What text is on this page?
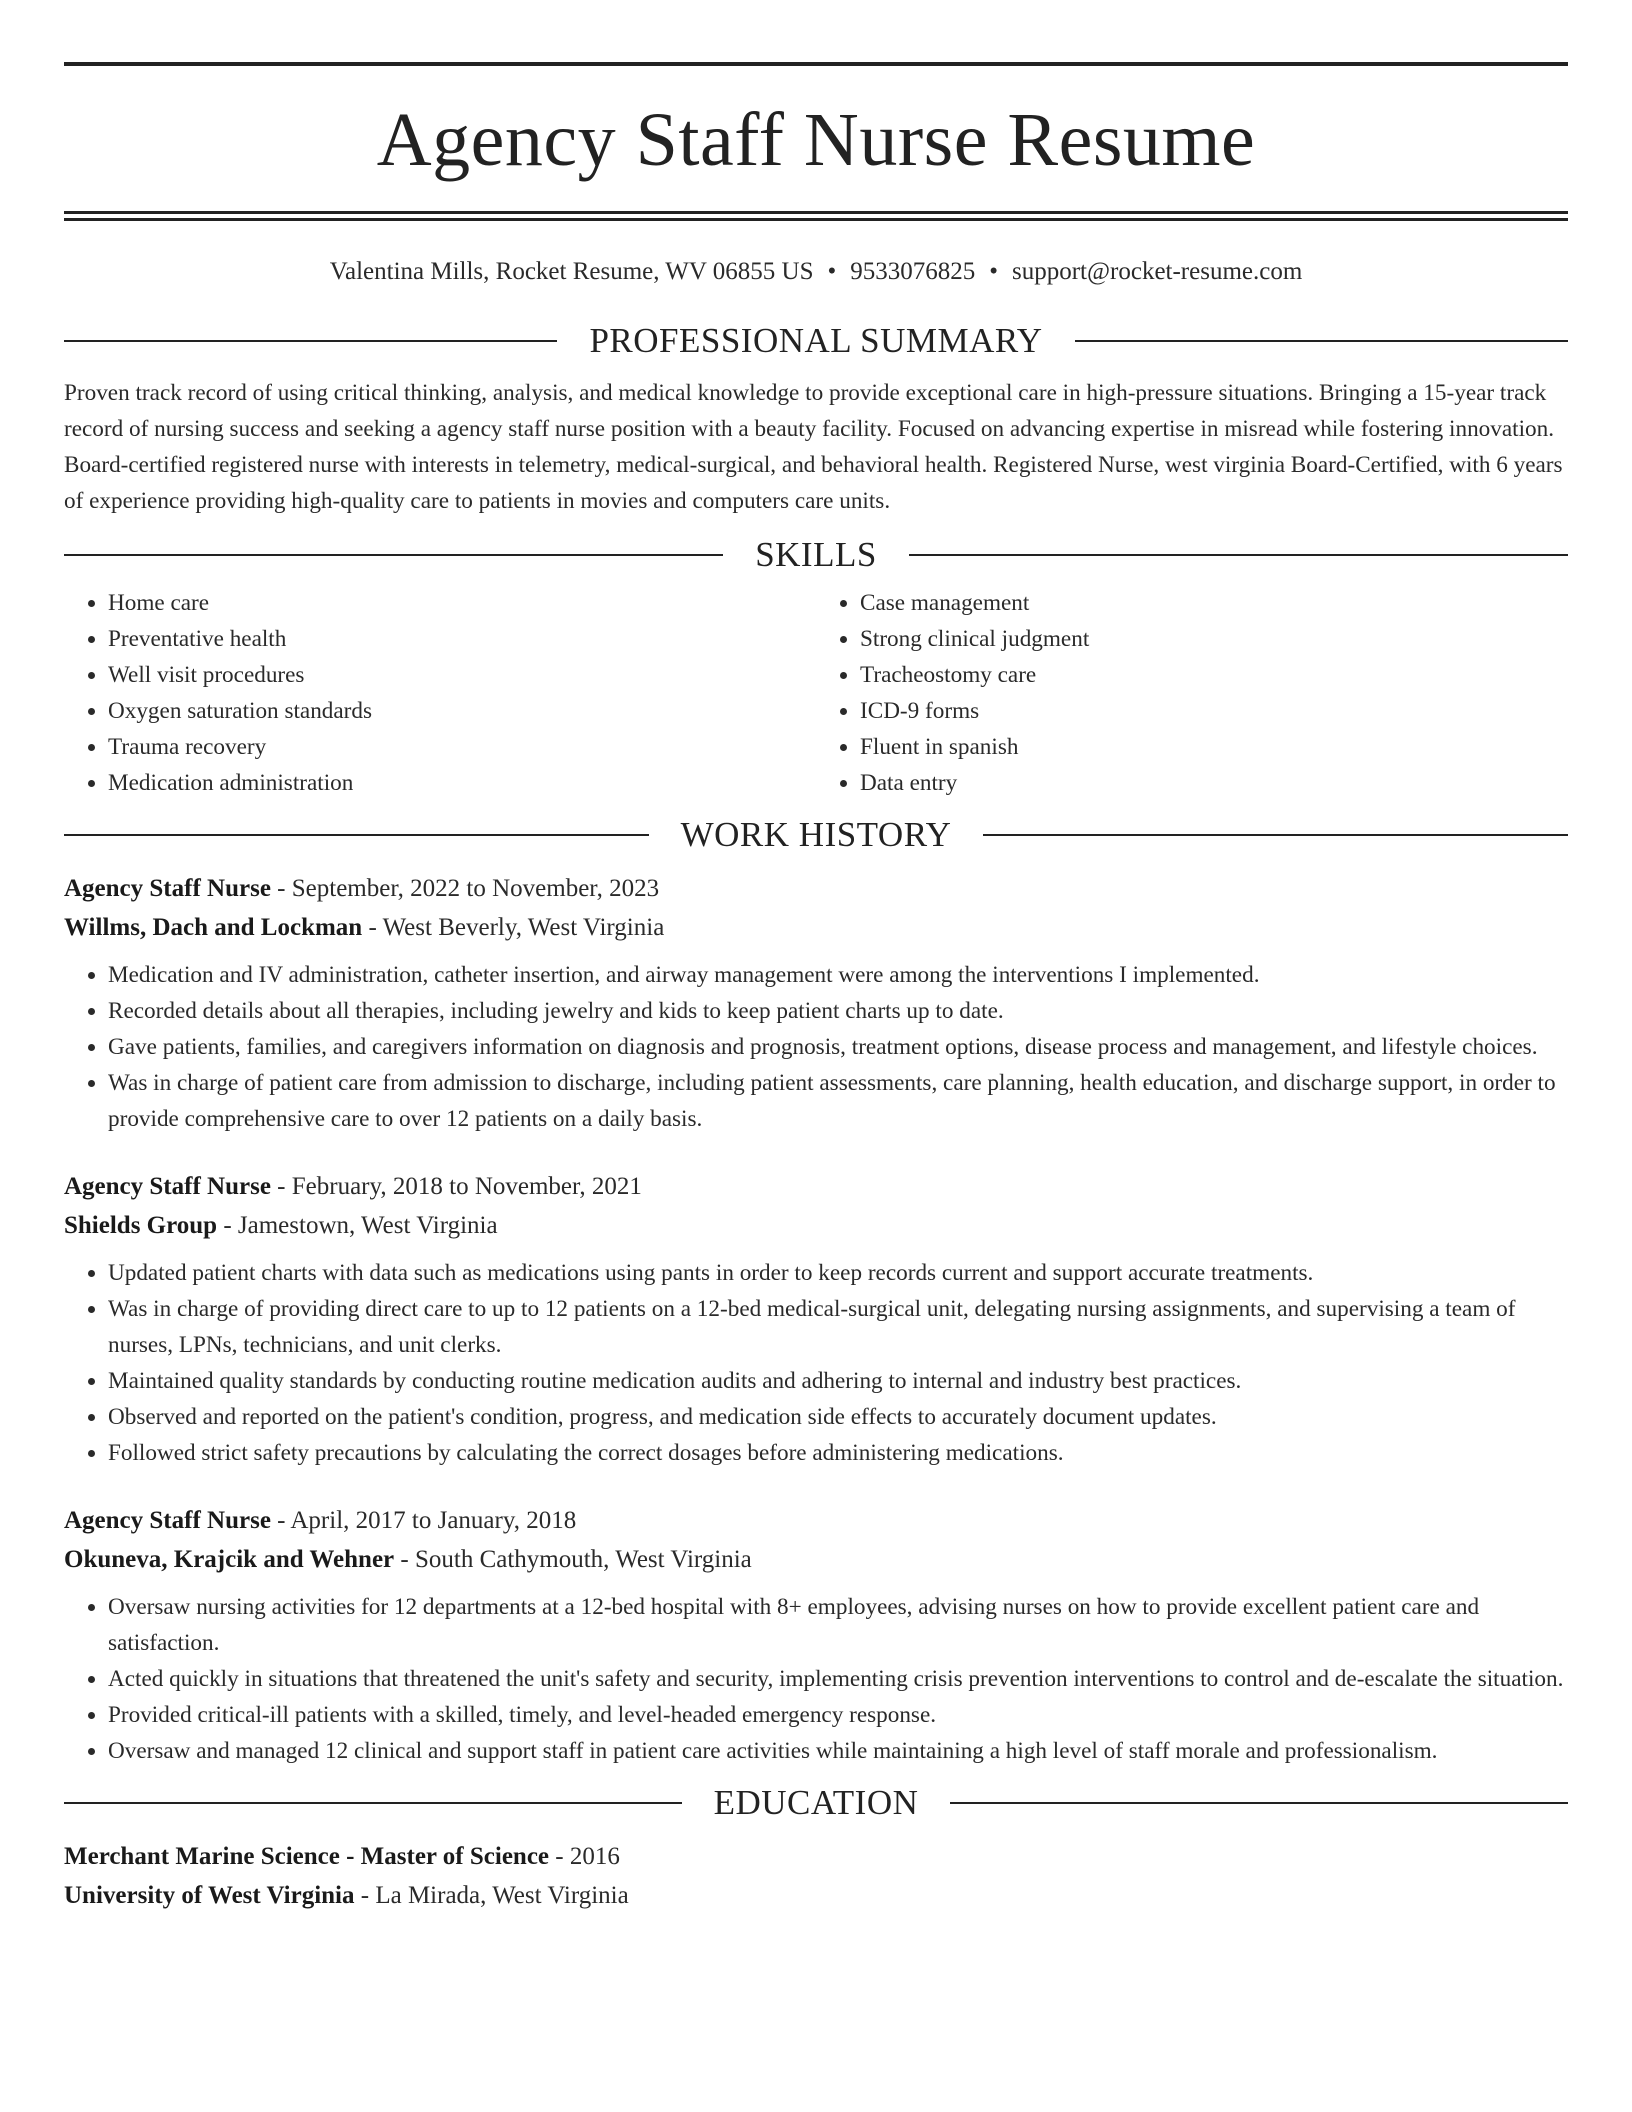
Agency Staff Nurse Resume
Valentina Mills, Rocket Resume, WV 06855 US • 9533076825 • support@rocket-resume.com
PROFESSIONAL SUMMARY
Proven track record of using critical thinking, analysis, and medical knowledge to provide exceptional care in high-pressure situations. Bringing a 15-year track record of nursing success and seeking a agency staff nurse position with a beauty facility. Focused on advancing expertise in misread while fostering innovation. Board-certified registered nurse with interests in telemetry, medical-surgical, and behavioral health. Registered Nurse, west virginia Board-Certified, with 6 years of experience providing high-quality care to patients in movies and computers care units.
SKILLS
• Home care
• Preventative health
• Well visit procedures
• Oxygen saturation standards
• Trauma recovery
• Medication administration
• Case management
• Strong clinical judgment
• Tracheostomy care
• ICD-9 forms
• Fluent in spanish
• Data entry
WORK HISTORY
Agency Staff Nurse - September, 2022 to November, 2023
Willms, Dach and Lockman - West Beverly, West Virginia
• Medication and IV administration, catheter insertion, and airway management were among the interventions I implemented.
• Recorded details about all therapies, including jewelry and kids to keep patient charts up to date.
• Gave patients, families, and caregivers information on diagnosis and prognosis, treatment options, disease process and management, and lifestyle choices.
• Was in charge of patient care from admission to discharge, including patient assessments, care planning, health education, and discharge support, in order to provide comprehensive care to over 12 patients on a daily basis.
Agency Staff Nurse - February, 2018 to November, 2021
Shields Group - Jamestown, West Virginia
• Updated patient charts with data such as medications using pants in order to keep records current and support accurate treatments.
• Was in charge of providing direct care to up to 12 patients on a 12-bed medical-surgical unit, delegating nursing assignments, and supervising a team of nurses, LPNs, technicians, and unit clerks.
• Maintained quality standards by conducting routine medication audits and adhering to internal and industry best practices.
• Observed and reported on the patient's condition, progress, and medication side effects to accurately document updates.
• Followed strict safety precautions by calculating the correct dosages before administering medications.
Agency Staff Nurse - April, 2017 to January, 2018
Okuneva, Krajcik and Wehner - South Cathymouth, West Virginia
• Oversaw nursing activities for 12 departments at a 12-bed hospital with 8+ employees, advising nurses on how to provide excellent patient care and satisfaction.
• Acted quickly in situations that threatened the unit's safety and security, implementing crisis prevention interventions to control and de-escalate the situation.
• Provided critical-ill patients with a skilled, timely, and level-headed emergency response.
• Oversaw and managed 12 clinical and support staff in patient care activities while maintaining a high level of staff morale and professionalism.
EDUCATION
Merchant Marine Science - Master of Science - 2016
University of West Virginia - La Mirada, West Virginia
